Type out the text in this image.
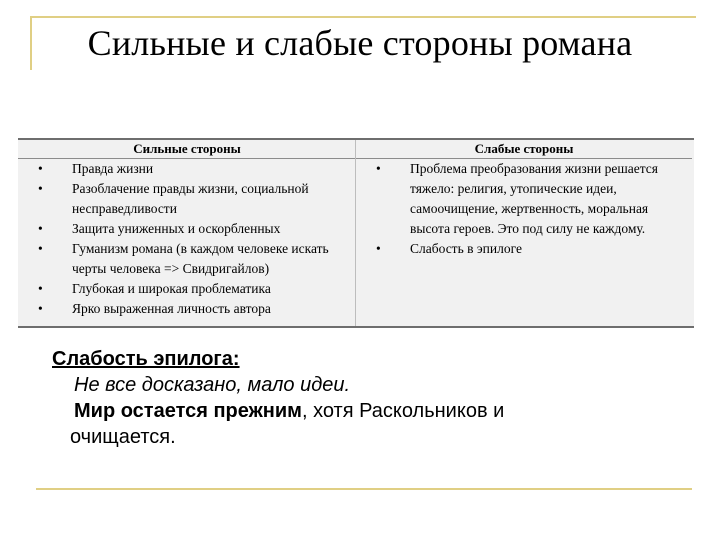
Сильные и слабые стороны романа
Сильные стороны	Слабые стороны
• Правда жизни
• Разоблачение правды жизни, социальной несправедливости
• Защита униженных и оскорбленных
• Гуманизм романа (в каждом человеке искать черты человека => Свидригайлов)
• Глубокая и широкая проблематика
• Ярко выраженная личность автора
• Проблема преобразования жизни решается тяжело: религия, утопические идеи, самоочищение, жертвенность, моральная высота героев. Это под силу не каждому.
• Слабость в эпилоге
Слабость эпилога:
Не все досказано, мало идеи.
Мир остается прежним, хотя Раскольников и
очищается.
